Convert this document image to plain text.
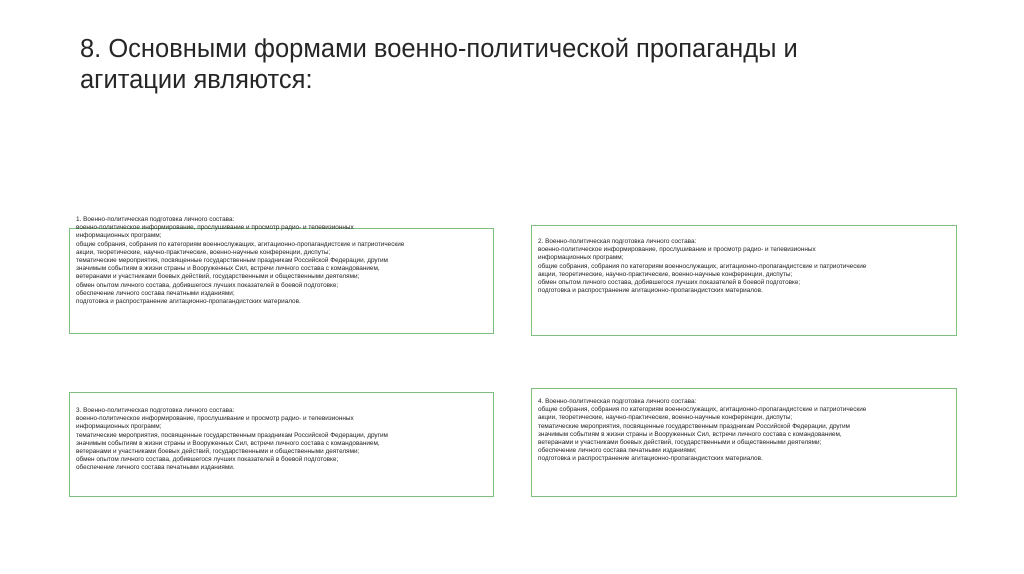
8. Основными формами военно-политической пропаганды и
агитации являются:
1. Военно-политическая подготовка личного состава:
военно-политическое информирование, прослушивание и просмотр радио- и телевизионных
информационных программ;
общие собрания, собрания по категориям военнослужащих, агитационно-пропагандистские и патриотические
акции, теоретические, научно-практические, военно-научные конференции, диспуты;
тематические мероприятия, посвященные государственным праздникам Российской Федерации, другим
значимым событиям в жизни страны и Вооруженных Сил, встречи личного состава с командованием,
ветеранами и участниками боевых действий, государственными и общественными деятелями;
обмен опытом личного состава, добившегося лучших показателей в боевой подготовке;
обеспечение личного состава печатными изданиями;
подготовка и распространение агитационно-пропагандистских материалов.
2. Военно-политическая подготовка личного состава:
военно-политическое информирование, прослушивание и просмотр радио- и телевизионных
информационных программ;
общие собрания, собрания по категориям военнослужащих, агитационно-пропагандистские и патриотические
акции, теоретические, научно-практические, военно-научные конференции, диспуты;
обмен опытом личного состава, добившегося лучших показателей в боевой подготовке;
подготовка и распространение агитационно-пропагандистских материалов.
3. Военно-политическая подготовка личного состава:
военно-политическое информирование, прослушивание и просмотр радио- и телевизионных
информационных программ;
тематические мероприятия, посвященные государственным праздникам Российской Федерации, другим
значимым событиям в жизни страны и Вооруженных Сил, встречи личного состава с командованием,
ветеранами и участниками боевых действий, государственными и общественными деятелями;
обмен опытом личного состава, добившегося лучших показателей в боевой подготовке;
обеспечение личного состава печатными изданиями.
4. Военно-политическая подготовка личного состава:
общие собрания, собрания по категориям военнослужащих, агитационно-пропагандистские и патриотические
акции, теоретические, научно-практические, военно-научные конференции, диспуты;
тематические мероприятия, посвященные государственным праздникам Российской Федерации, другим
значимым событиям в жизни страны и Вооруженных Сил, встречи личного состава с командованием,
ветеранами и участниками боевых действий, государственными и общественными деятелями;
обеспечение личного состава печатными изданиями;
подготовка и распространение агитационно-пропагандистских материалов.
